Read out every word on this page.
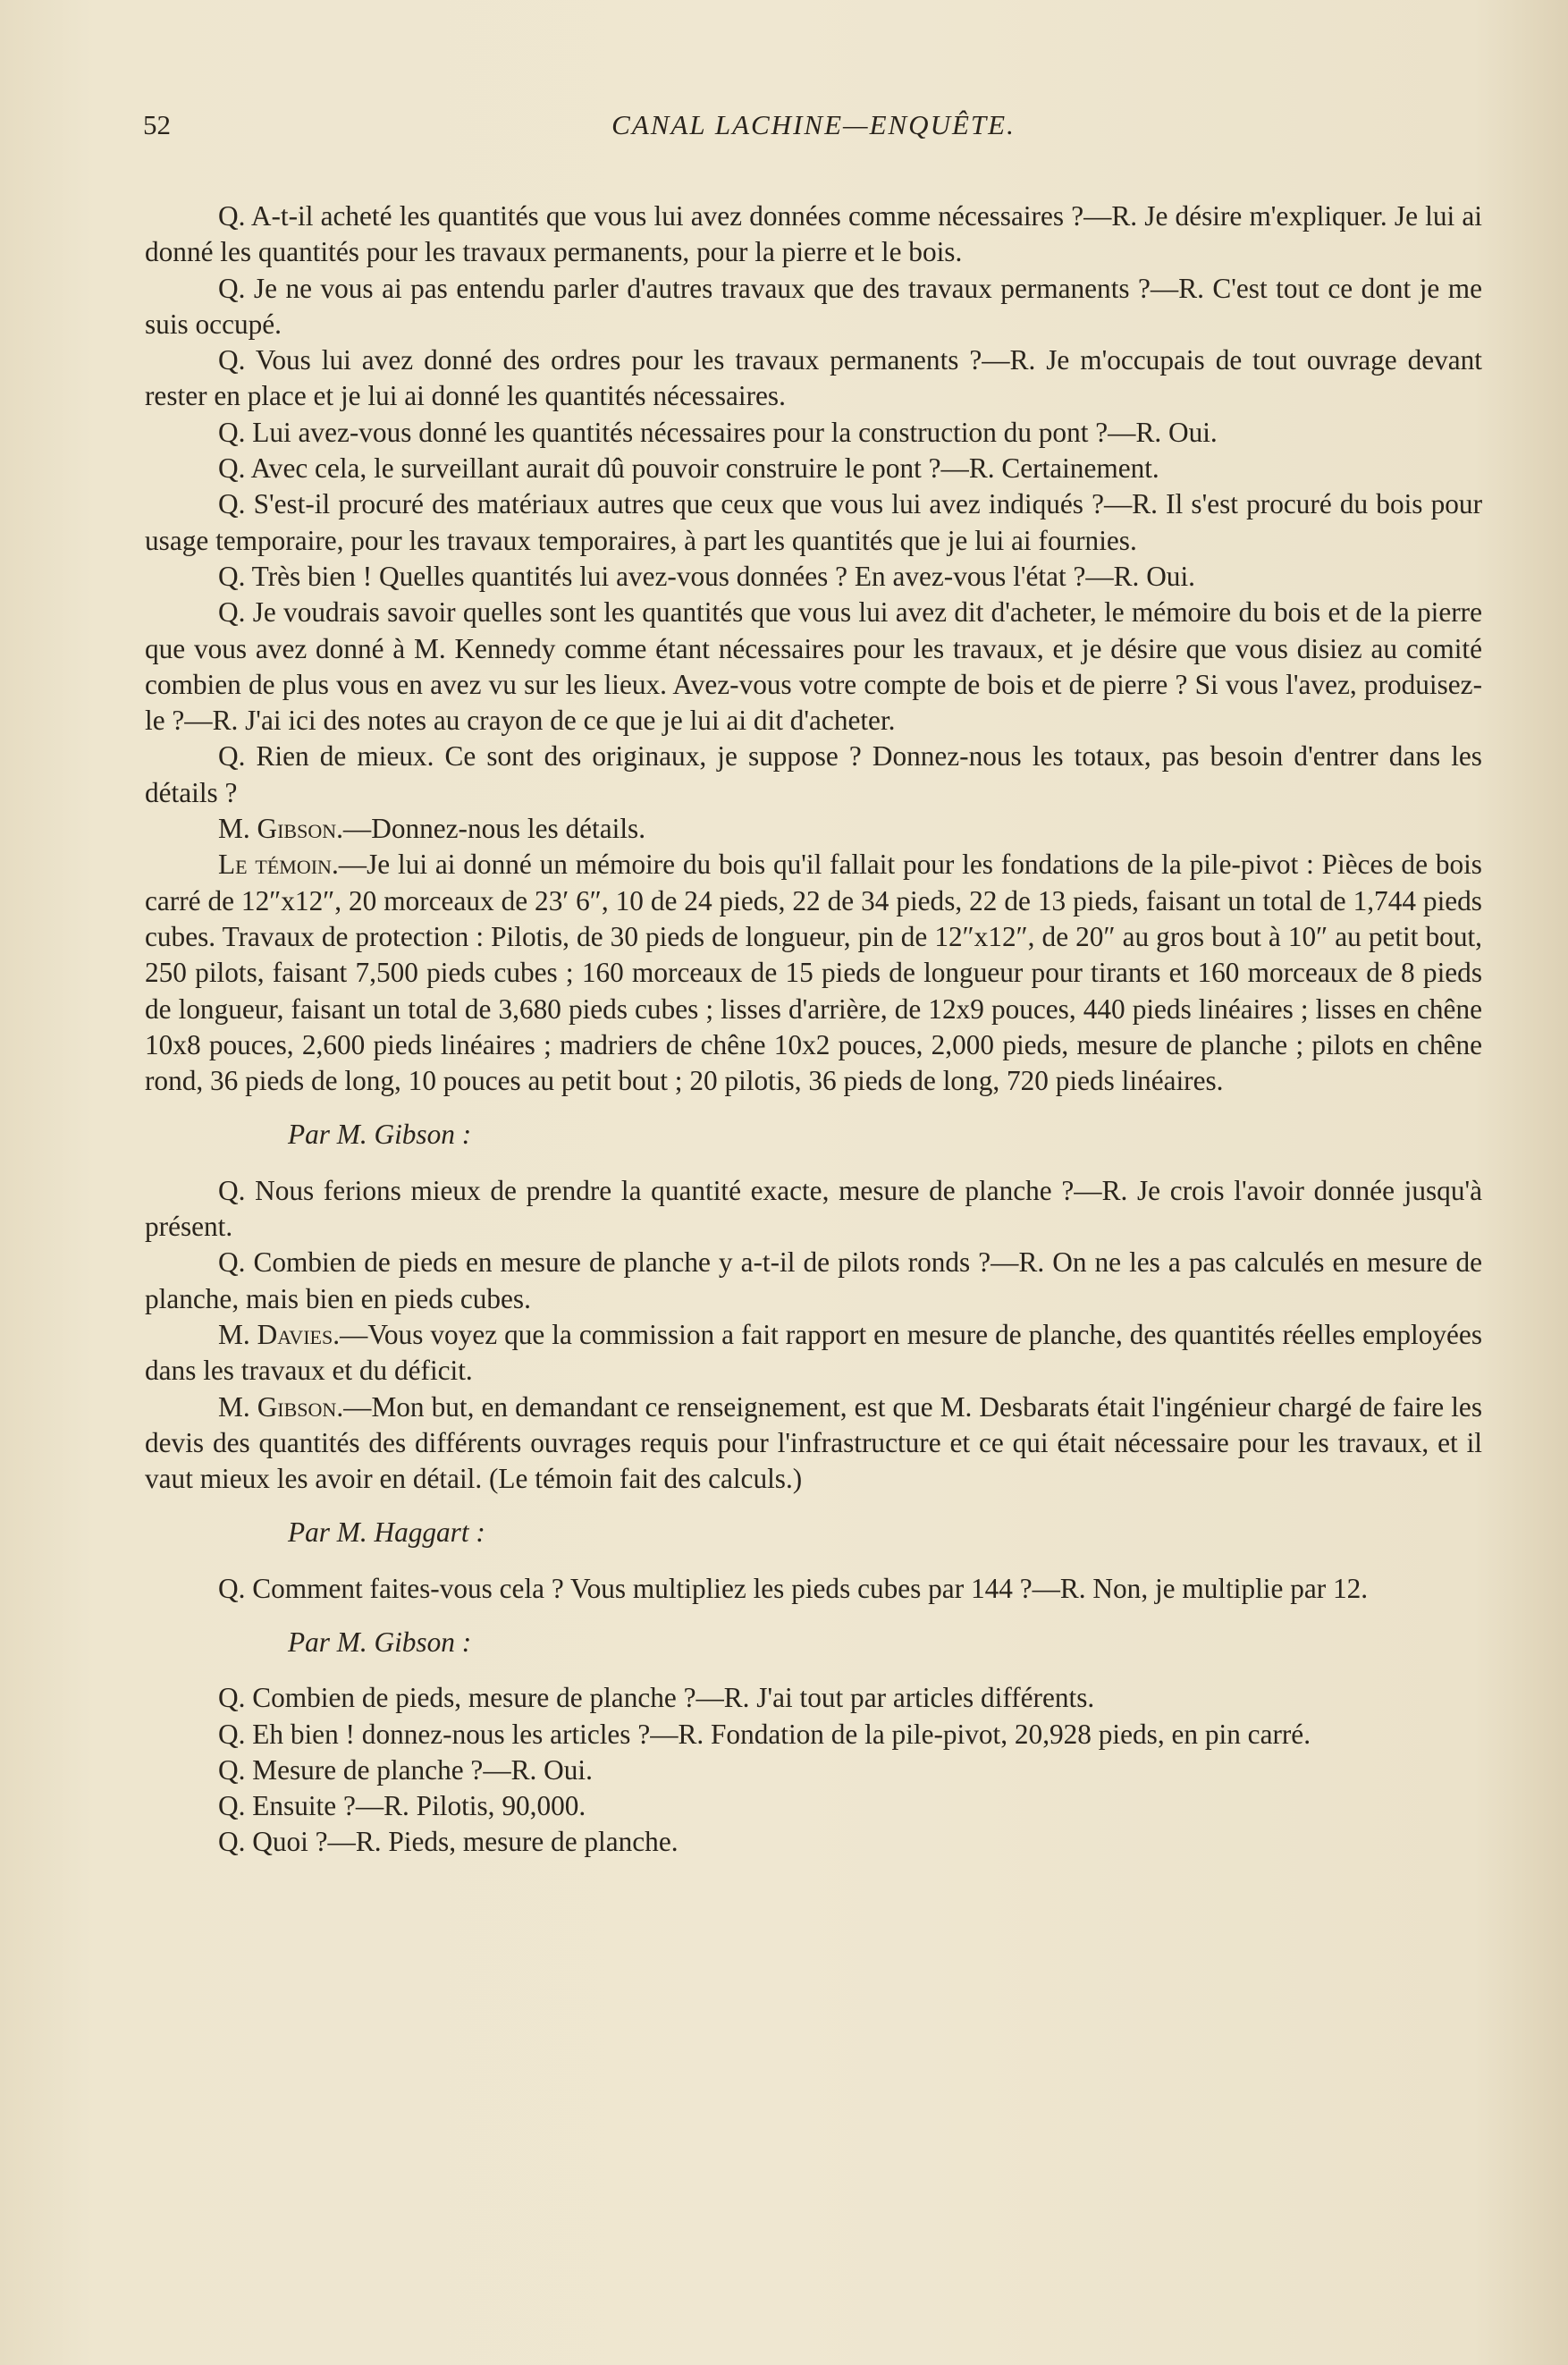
52	CANAL LACHINE—ENQUÊTE.

Q. A-t-il acheté les quantités que vous lui avez données comme nécessaires ?—R. Je désire m'expliquer. Je lui ai donné les quantités pour les travaux permanents, pour la pierre et le bois.

Q. Je ne vous ai pas entendu parler d'autres travaux que des travaux permanents ?—R. C'est tout ce dont je me suis occupé.

Q. Vous lui avez donné des ordres pour les travaux permanents ?—R. Je m'occupais de tout ouvrage devant rester en place et je lui ai donné les quantités nécessaires.

Q. Lui avez-vous donné les quantités nécessaires pour la construction du pont ?—R. Oui.

Q. Avec cela, le surveillant aurait dû pouvoir construire le pont ?—R. Certainement.

Q. S'est-il procuré des matériaux autres que ceux que vous lui avez indiqués ?—R. Il s'est procuré du bois pour usage temporaire, pour les travaux temporaires, à part les quantités que je lui ai fournies.

Q. Très bien ! Quelles quantités lui avez-vous données ? En avez-vous l'état ?—R. Oui.

Q. Je voudrais savoir quelles sont les quantités que vous lui avez dit d'acheter, le mémoire du bois et de la pierre que vous avez donné à M. Kennedy comme étant nécessaires pour les travaux, et je désire que vous disiez au comité combien de plus vous en avez vu sur les lieux. Avez-vous votre compte de bois et de pierre ? Si vous l'avez, produisez-le ?—R. J'ai ici des notes au crayon de ce que je lui ai dit d'acheter.

Q. Rien de mieux. Ce sont des originaux, je suppose ? Donnez-nous les totaux, pas besoin d'entrer dans les détails ?

M. Gibson.—Donnez-nous les détails.

Le témoin.—Je lui ai donné un mémoire du bois qu'il fallait pour les fondations de la pile-pivot : Pièces de bois carré de 12″x12″, 20 morceaux de 23′ 6″, 10 de 24 pieds, 22 de 34 pieds, 22 de 13 pieds, faisant un total de 1,744 pieds cubes. Travaux de protection : Pilotis, de 30 pieds de longueur, pin de 12″x12″, de 20″ au gros bout à 10″ au petit bout, 250 pilots, faisant 7,500 pieds cubes ; 160 morceaux de 15 pieds de longueur pour tirants et 160 morceaux de 8 pieds de longueur, faisant un total de 3,680 pieds cubes ; lisses d'arrière, de 12x9 pouces, 440 pieds linéaires ; lisses en chêne 10x8 pouces, 2,600 pieds linéaires ; madriers de chêne 10x2 pouces, 2,000 pieds, mesure de planche ; pilots en chêne rond, 36 pieds de long, 10 pouces au petit bout ; 20 pilotis, 36 pieds de long, 720 pieds linéaires.

Par M. Gibson :

Q. Nous ferions mieux de prendre la quantité exacte, mesure de planche ?—R. Je crois l'avoir donnée jusqu'à présent.

Q. Combien de pieds en mesure de planche y a-t-il de pilots ronds ?—R. On ne les a pas calculés en mesure de planche, mais bien en pieds cubes.

M. Davies.—Vous voyez que la commission a fait rapport en mesure de planche, des quantités réelles employées dans les travaux et du déficit.

M. Gibson.—Mon but, en demandant ce renseignement, est que M. Desbarats était l'ingénieur chargé de faire les devis des quantités des différents ouvrages requis pour l'infrastructure et ce qui était nécessaire pour les travaux, et il vaut mieux les avoir en détail. (Le témoin fait des calculs.)

Par M. Haggart :

Q. Comment faites-vous cela ? Vous multipliez les pieds cubes par 144 ?—R. Non, je multiplie par 12.

Par M. Gibson :

Q. Combien de pieds, mesure de planche ?—R. J'ai tout par articles différents.

Q. Eh bien ! donnez-nous les articles ?—R. Fondation de la pile-pivot, 20,928 pieds, en pin carré.

Q. Mesure de planche ?—R. Oui.

Q. Ensuite ?—R. Pilotis, 90,000.

Q. Quoi ?—R. Pieds, mesure de planche.
